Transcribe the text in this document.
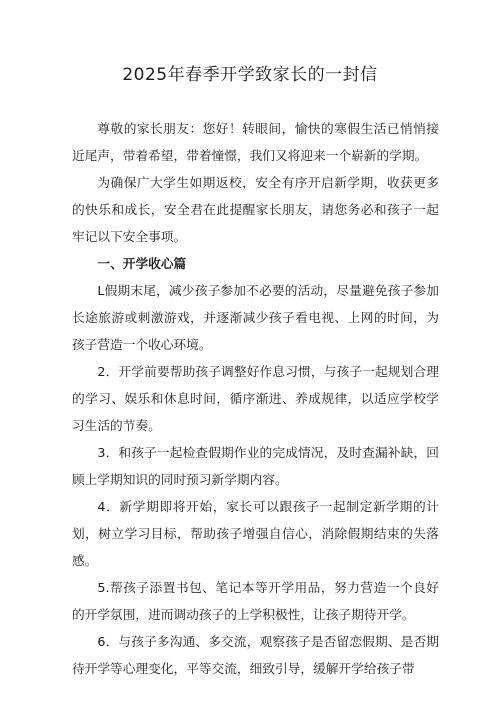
2025年春季开学致家长的一封信

尊敬的家长朋友：您好！转眼间，愉快的寒假生活已悄悄接近尾声，带着希望，带着憧憬，我们又将迎来一个崭新的学期。

为确保广大学生如期返校，安全有序开启新学期，收获更多的快乐和成长，安全君在此提醒家长朋友，请您务必和孩子一起牢记以下安全事项。

一、开学收心篇

L假期末尾，减少孩子参加不必要的活动，尽量避免孩子参加长途旅游或刺激游戏，并逐渐减少孩子看电视、上网的时间，为孩子营造一个收心环境。

2．开学前要帮助孩子调整好作息习惯，与孩子一起规划合理的学习、娱乐和休息时间，循序渐进、养成规律，以适应学校学习生活的节奏。

3．和孩子一起检查假期作业的完成情况，及时查漏补缺，回顾上学期知识的同时预习新学期内容。

4．新学期即将开始，家长可以跟孩子一起制定新学期的计划，树立学习目标，帮助孩子增强自信心，消除假期结束的失落感。

5.帮孩子添置书包、笔记本等开学用品，努力营造一个良好的开学氛围，进而调动孩子的上学积极性，让孩子期待开学。

6．与孩子多沟通、多交流，观察孩子是否留恋假期、是否期待开学等心理变化，平等交流，细致引导，缓解开学给孩子带
